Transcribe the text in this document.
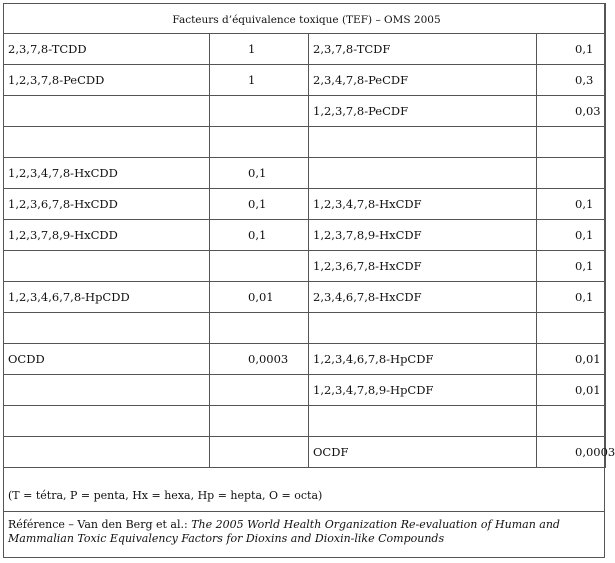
Facteurs d’équivalence toxique (TEF) – OMS 2005			
2,3,7,8-TCDD	1	2,3,7,8-TCDF	0,1
1,2,3,7,8-PeCDD	1	2,3,4,7,8-PeCDF	0,3
		1,2,3,7,8-PeCDF	0,03

1,2,3,4,7,8-HxCDD	0,1		
1,2,3,6,7,8-HxCDD	0,1	1,2,3,4,7,8-HxCDF	0,1
1,2,3,7,8,9-HxCDD	0,1	1,2,3,7,8,9-HxCDF	0,1
		1,2,3,6,7,8-HxCDF	0,1
1,2,3,4,6,7,8-HpCDD	0,01	2,3,4,6,7,8-HxCDF	0,1

OCDD	0,0003	1,2,3,4,6,7,8-HpCDF	0,01
		1,2,3,4,7,8,9-HpCDF	0,01

		OCDF	0,0003
(T = tétra, P = penta, Hx = hexa, Hp = hepta, O = octa)
Référence – Van den Berg et al.: The 2005 World Health Organization Re-evaluation of Human and Mammalian Toxic Equivalency Factors for Dioxins and Dioxin-like Compounds
